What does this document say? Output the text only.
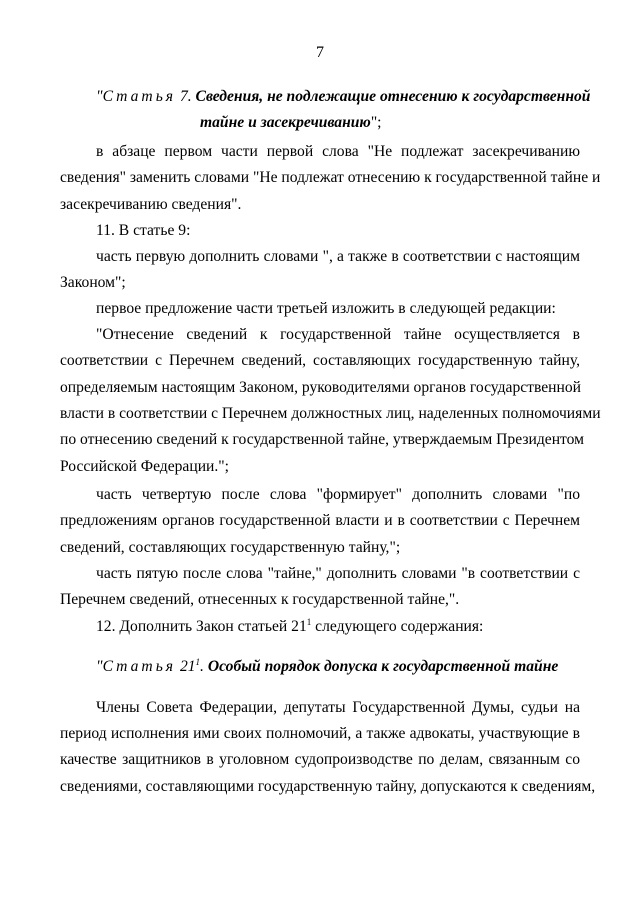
7
"Статья 7. Сведения, не подлежащие отнесению к государственной
тайне и засекречиванию";
в абзаце первом части первой слова "Не подлежат засекречиванию
сведения" заменить словами "Не подлежат отнесению к государственной тайне и
засекречиванию сведения".
11. В статье 9:
часть первую дополнить словами ", а также в соответствии с настоящим
Законом";
первое предложение части третьей изложить в следующей редакции:
"Отнесение сведений к государственной тайне осуществляется в
соответствии с Перечнем сведений, составляющих государственную тайну,
определяемым настоящим Законом, руководителями органов государственной
власти в соответствии с Перечнем должностных лиц, наделенных полномочиями
по отнесению сведений к государственной тайне, утверждаемым Президентом
Российской Федерации.";
часть четвертую после слова "формирует" дополнить словами "по
предложениям органов государственной власти и в соответствии с Перечнем
сведений, составляющих государственную тайну,";
часть пятую после слова "тайне," дополнить словами "в соответствии с
Перечнем сведений, отнесенных к государственной тайне,".
12. Дополнить Закон статьей $21^1$ следующего содержания:
"Статья $21^1$. Особый порядок допуска к государственной тайне
Члены Совета Федерации, депутаты Государственной Думы, судьи на
период исполнения ими своих полномочий, а также адвокаты, участвующие в
качестве защитников в уголовном судопроизводстве по делам, связанным со
сведениями, составляющими государственную тайну, допускаются к сведениям,
